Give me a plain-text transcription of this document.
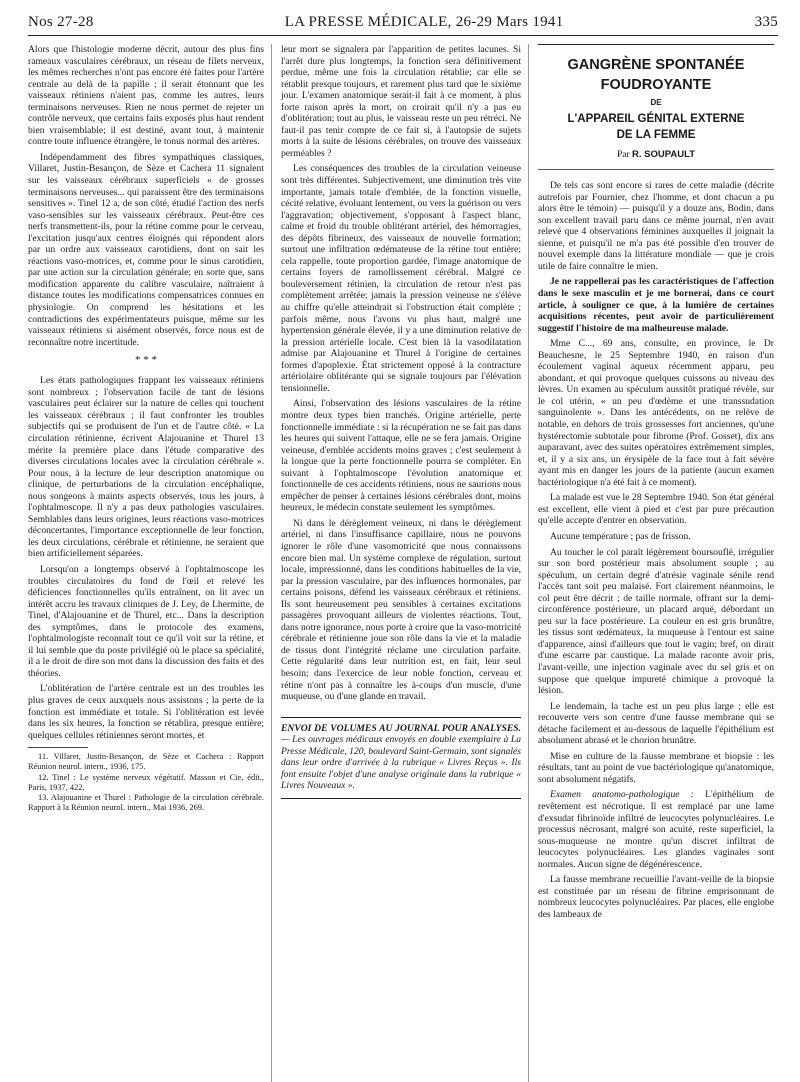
Nos 27-28	LA PRESSE MÉDICALE, 26-29 Mars 1941	335

Alors que l'histologie moderne décrit, autour des plus fins rameaux vasculaires cérébraux, un réseau de filets nerveux, les mêmes recherches n'ont pas encore été faites pour l'artère centrale au delà de la papille ; il serait étonnant que les vaisseaux rétiniens n'aient pas, comme les autres, leurs terminaisons nerveuses. Rien ne nous permet de rejeter un contrôle nerveux, que certains faits exposés plus haut rendent bien vraisemblable; il est destiné, avant tout, à maintenir contre toute influence étrangère, le tonus normal des artères.

Indépendamment des fibres sympathiques classiques, Villaret, Justin-Besançon, de Sèze et Cachera 11 signalent sur les vaisseaux cérébraux superficiels « de grosses terminaisons nerveuses... qui paraissent être des terminaisons sensitives ». Tinel 12 a, de son côté, étudié l'action des nerfs vaso-sensibles sur les vaisseaux cérébraux. Peut-être ces nerfs transmettent-ils, pour la rétine comme pour le cerveau, l'excitation jusqu'aux centres éloignés qui répondent alors par un ordre aux vaisseaux carotidiens, dont on sait les réactions vaso-motrices, et, comme pour le sinus carotidien, par une action sur la circulation générale; en sorte que, sans modification apparente du calibre vasculaire, naîtraient à distance toutes les modifications compensatrices connues en physiologie. On comprend les hésitations et les contradictions des expérimentateurs puisque, même sur les vaisseaux rétiniens si aisément observés, force nous est de reconnaître notre incertitude.

* * *

Les états pathologiques frappant les vaisseaux rétiniens sont nombreux ; l'observation facile de tant de lésions vasculaires peut éclairer sur la nature de celles qui touchent les vaisseaux cérébraux ; il faut confronter les troubles subjectifs qui se produisent de l'un et de l'autre côté. « La circulation rétinienne, écrivent Alajouanine et Thurel 13 mérite la première place dans l'étude comparative des diverses circulations locales avec la circulation cérébrale ». Pour nous, à la lecture de leur description anatomique ou clinique, de perturbations de la circulation encéphalique, nous songeons à maints aspects observés, tous les jours, à l'ophtalmoscope. Il n'y a pas deux pathologies vasculaires. Semblables dans leurs origines, leurs réactions vaso-motrices déconcertantes, l'importance exceptionnelle de leur fonction, les deux circulations, cérébrale et rétinienne, ne seraient que bien artificiellement séparées.

Lorsqu'on a longtemps observé à l'ophtalmoscope les troubles circulatoires du fond de l'œil et relevé les déficiences fonctionnelles qu'ils entraînent, on lit avec un intérêt accru les travaux cliniques de J. Ley, de Lhermitte, de Tinel, d'Alajouanine et de Thurel, etc... Dans la description des symptômes, dans le protocole des examens, l'ophtalmologiste reconnaît tout ce qu'il voit sur la rétine, et il lui semble que du poste privilégié où le place sa spécialité, il a le droit de dire son mot dans la discussion des faits et des théories.

L'oblitération de l'artère centrale est un des troubles les plus graves de ceux auxquels nous assistons ; la perte de la fonction est immédiate et totale. Si l'oblitération est levée dans les six heures, la fonction se rétablira, presque entière; quelques cellules rétiniennes seront mortes, et

11. Villaret, Justin-Besançon, de Sèze et Cachera : Rapport Réunion neurol. intern., 1936, 175.

12. Tinel : Le système nerveux végétatif. Masson et Cie, édit., Paris, 1937, 422.

13. Alajouanine et Thurel : Pathologie de la circulation cérébrale. Rapport à la Réunion neurol. intern., Mai 1936, 269.

leur mort se signalera par l'apparition de petites lacunes. Si l'arrêt dure plus longtemps, la fonction sera définitivement perdue, même une fois la circulation rétablie; car elle se rétablit presque toujours, et rarement plus tard que le sixième jour. L'examen anatomique serait-il fait à ce moment, à plus forte raison après la mort, on croirait qu'il n'y a pas eu d'oblitération; tout au plus, le vaisseau reste un peu rétréci. Ne faut-il pas tenir compte de ce fait si, à l'autopsie de sujets morts à la suite de lésions cérébrales, on trouve des vaisseaux perméables ?

Les conséquences des troubles de la circulation veineuse sont très différentes. Subjectivement, une diminution très vite importante, jamais totale d'emblée, de la fonction visuelle, cécité relative, évoluant lentement, ou vers la guérison ou vers l'aggravation; objectivement, s'opposant à l'aspect blanc, calme et froid du trouble oblitérant artériel, des hémorragies, des dépôts fibrineux, des vaisseaux de nouvelle formation; surtout une infiltration œdémateuse de la rétine tout entière; cela rappelle, toute proportion gardée, l'image anatomique de certains foyers de ramollissement cérébral. Malgré ce bouleversement rétinien, la circulation de retour n'est pas complètement arrêtée; jamais la pression veineuse ne s'élève au chiffre qu'elle atteindrait si l'obstruction était complète ; parfois même, nous l'avons vu plus haut, malgré une hypertension générale élevée, il y a une diminution relative de la pression artérielle locale. C'est bien là la vasodilatation admise par Alajouanine et Thurel à l'origine de certaines formes d'apoplexie. État strictement opposé à la contracture artériolaire oblitérante qui se signale toujours par l'élévation tensionnelle.

Ainsi, l'observation des lésions vasculaires de la rétine montre deux types bien tranchés. Origine artérielle, perte fonctionnelle immédiate : si la récupération ne se fait pas dans les heures qui suivent l'attaque, elle ne se fera jamais. Origine veineuse, d'emblée accidents moins graves ; c'est seulement à la longue que la perte fonctionnelle pourra se compléter. En suivant à l'ophtalmoscope l'évolution anatomique et fonctionnelle de ces accidents rétiniens, nous ne saurions nous empêcher de penser à certaines lésions cérébrales dont, moins heureux, le médecin constate seulement les symptômes.

Ni dans le dérèglement veineux, ni dans le dérèglement artériel, ni dans l'insuffisance capillaire, nous ne pouvons ignorer le rôle d'une vasomotricité que nous connaissons encore bien mal. Un système complexe de régulation, surtout locale, impressionné, dans les conditions habituelles de la vie, par la pression vasculaire, par des influences hormonales, par certains poisons, défend les vaisseaux cérébraux et rétiniens. Ils sont heureusement peu sensibles à certaines excitations passagères provoquant ailleurs de violentes réactions. Tout, dans notre ignorance, nous porte à croire que la vaso-motricité cérébrale et rétinienne joue son rôle dans la vie et la maladie de tissus dont l'intégrité réclame une circulation parfaite. Cette régularité dans leur nutrition est, en fait, leur seul besoin; dans l'exercice de leur noble fonction, cerveau et rétine n'ont pas à connaître les à-coups d'un muscle, d'une muqueuse, ou d'une glande en travail.

ENVOI DE VOLUMES AU JOURNAL POUR ANALYSES. — Les ouvrages médicaux envoyés en double exemplaire à La Presse Médicale, 120, boulevard Saint-Germain, sont signalés dans leur ordre d'arrivée à la rubrique « Livres Reçus ». Ils font ensuite l'objet d'une analyse originale dans la rubrique « Livres Nouveaux ».
GANGRÈNE SPONTANÉE
FOUDROYANTE
DE
L'APPAREIL GÉNITAL EXTERNE
DE LA FEMME
Par R. SOUPAULT

De tels cas sont encore si rares de cette maladie (décrite autrefois par Fournier, chez l'homme, et dont chacun a pu alors être le témoin) — puisqu'il y a douze ans, Bodin, dans son excellent travail paru dans ce même journal, n'en avait relevé que 4 observations féminines auxquelles il joignait la sienne, et puisqu'il ne m'a pas été possible d'en trouver de nouvel exemple dans la littérature mondiale — que je crois utile de faire connaître le mien.

Je ne rappellerai pas les caractéristiques de l'affection dans le sexe masculin et je me bornerai, dans ce court article, à souligner ce que, à la lumière de certaines acquisitions récentes, peut avoir de particulièrement suggestif l'histoire de ma malheureuse malade.

Mme C..., 69 ans, consulte, en province, le Dr Beauchesne, le 25 Septembre 1940, en raison d'un écoulement vaginal aqueux récemment apparu, peu abondant, et qui provoque quelques cuissons au niveau des lèvres. Un examen au spéculum aussitôt pratiqué révèle, sur le col utérin, « un peu d'œdème et une transsudation sanguinolente ». Dans les antécédents, on ne relève de notable, en dehors de trois grossesses fort anciennes, qu'une hystérectomie subtotale pour fibrome (Prof. Gosset), dix ans auparavant, avec des suites opératoires extrêmement simples, et, il y a six ans, un érysipèle de la face tout à fait sévère ayant mis en danger les jours de la patiente (aucun examen bactériologique n'a été fait à ce moment).

La malade est vue le 28 Septembre 1940. Son état général est excellent, elle vient à pied et c'est par pure précaution qu'elle accepte d'entrer en observation.

Aucune température ; pas de frisson.

Au toucher le col paraît légèrement boursouflé, irrégulier sur son bord postérieur mais absolument souple ; au spéculum, un certain degré d'atrésie vaginale sénile rend l'accès tant soit peu malaisé. Fort clairement néanmoins, le col peut être décrit ; de taille normale, offrant sur la demi-circonférence postérieure, un placard arqué, débordant un peu sur la face postérieure. La couleur en est gris brunâtre, les tissus sont œdémateux, la muqueuse à l'entour est saine d'apparence, ainsi d'ailleurs que tout le vagin; bref, on dirait d'une escarre par caustique. La malade raconte avoir pris, l'avant-veille, une injection vaginale avec du sel gris et on suppose que quelque impureté chimique a provoqué la lésion.

Le lendemain, la tache est un peu plus large ; elle est recouverte vers son centre d'une fausse membrane qui se détache facilement et au-dessous de laquelle l'épithélium est absolument abrasé et le chorion brunâtre.

Mise en culture de la fausse membrane et biopsie : les résultats, tant au point de vue bactériologique qu'anatomique, sont absolument négatifs.

Examen anatomo-pathologique : L'épithélium de revêtement est nécrotique. Il est remplacé par une lame d'exsudat fibrinoïde infiltré de leucocytes polynucléaires. Le processus nécrosant, malgré son acuité, reste superficiel, la sous-muqueuse ne montre qu'un discret infiltrat de leucocytes polynucléaires. Les glandes vaginales sont normales. Aucun signe de dégénérescence.

La fausse membrane recueillie l'avant-veille de la biopsie est constituée par un réseau de fibrine emprisonnant de nombreux leucocytes polynucléaires. Par places, elle englobe des lambeaux de
